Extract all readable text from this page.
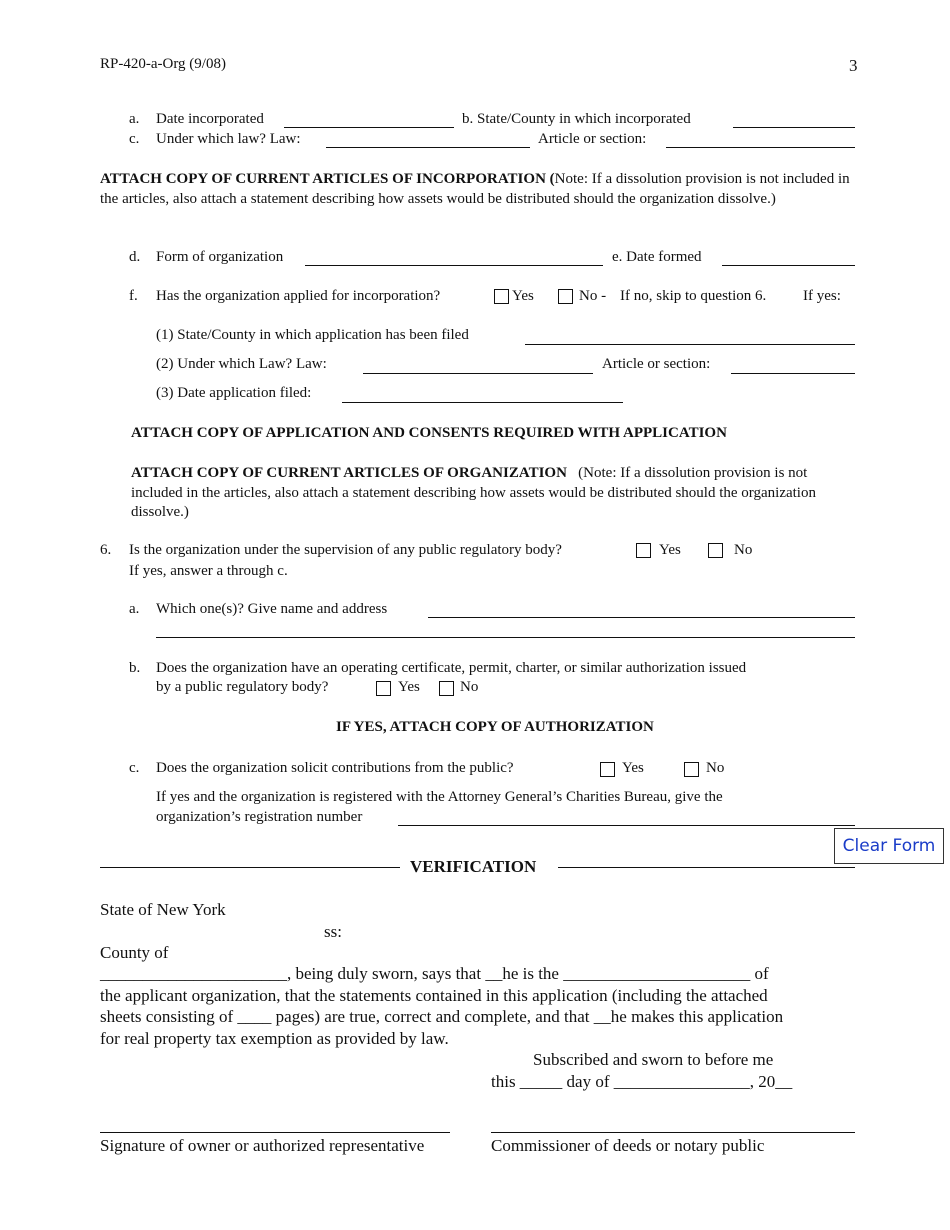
RP-420-a-Org (9/08)	3
a. Date incorporated	b. State/County in which incorporated
c. Under which law? Law:	Article or section:
ATTACH COPY OF CURRENT ARTICLES OF INCORPORATION (Note: If a dissolution provision is not included in the articles, also attach a statement describing how assets would be distributed should the organization dissolve.)
d. Form of organization	e. Date formed
f. Has the organization applied for incorporation?	Yes	No - If no, skip to question 6. If yes:
(1) State/County in which application has been filed
(2) Under which Law? Law:	Article or section:
(3) Date application filed:
ATTACH COPY OF APPLICATION AND CONSENTS REQUIRED WITH APPLICATION
ATTACH COPY OF CURRENT ARTICLES OF ORGANIZATION (Note: If a dissolution provision is not included in the articles, also attach a statement describing how assets would be distributed should the organization dissolve.)
6. Is the organization under the supervision of any public regulatory body?	Yes	No
If yes, answer a through c.
a. Which one(s)? Give name and address
b. Does the organization have an operating certificate, permit, charter, or similar authorization issued
by a public regulatory body?	Yes	No
IF YES, ATTACH COPY OF AUTHORIZATION
c. Does the organization solicit contributions from the public?	Yes	No
If yes and the organization is registered with the Attorney General’s Charities Bureau, give the
organization’s registration number
Clear Form
VERIFICATION
State of New York
ss:
County of
______________________, being duly sworn, says that __he is the ______________________ of
the applicant organization, that the statements contained in this application (including the attached
sheets consisting of ____ pages) are true, correct and complete, and that __he makes this application
for real property tax exemption as provided by law.
Subscribed and sworn to before me
this _____ day of ________________, 20__
Signature of owner or authorized representative	Commissioner of deeds or notary public
